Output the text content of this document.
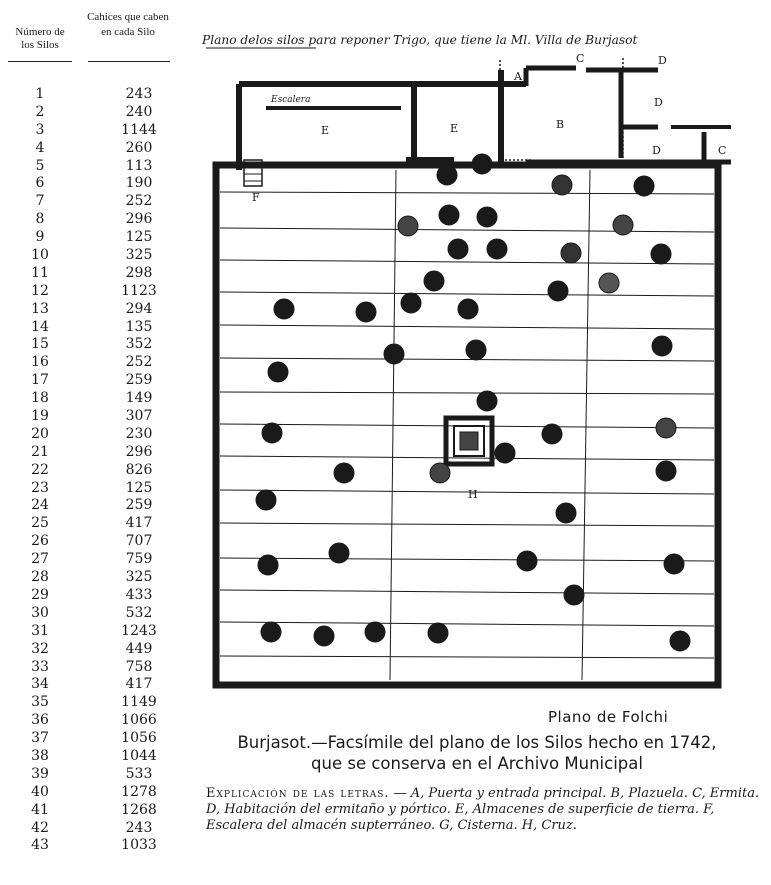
Número de los Silos
Cahices que caben en cada Silo
1	243
2	240
3	1144
4	260
5	113
6	190
7	252
8	296
9	125
10	325
11	298
12	1123
13	294
14	135
15	352
16	252
17	259
18	149
19	307
20	230
21	296
22	826
23	125
24	259
25	417
26	707
27	759
28	325
29	433
30	532
31	1243
32	449
33	758
34	417
35	1149
36	1066
37	1056
38	1044
39	533
40	1278
41	1268
42	243
43	1033
Plano delos silos para reponer Trigo, que tiene la Ml. Villa de Burjasot
Escalera
A
B
C
C
D
D
D
E	E
F
H
Plano de Folchi
Burjasot.—Facsímile del plano de los Silos hecho en 1742,
que se conserva en el Archivo Municipal
Explicación de las letras. — A, Puerta y entrada principal. B, Plazuela. C, Ermita. D, Habitación del ermitaño y pórtico. E, Almacenes de superficie de tierra. F, Escalera del almacén supterráneo. G, Cisterna. H, Cruz.
